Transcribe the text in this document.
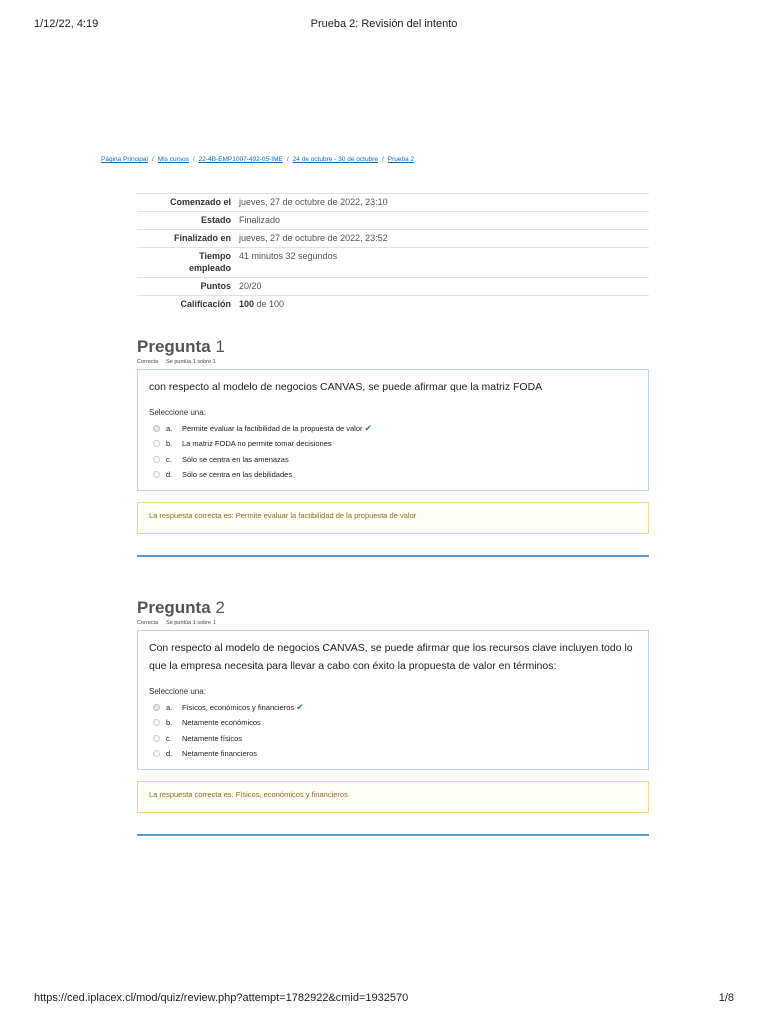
1/12/22, 4:19	Prueba 2: Revisión del intento
Página Principal / Mis cursos / 22-4B-EMP1007-492-05-IME / 24 de octubre - 30 de octubre / Prueba 2
Comenzado el	jueves, 27 de octubre de 2022, 23:10
Estado	Finalizado
Finalizado en	jueves, 27 de octubre de 2022, 23:52
Tiempo empleado	41 minutos 32 segundos
Puntos	20/20
Calificación	100 de 100
Pregunta 1
Correcta Se puntúa 1 sobre 1

con respecto al modelo de negocios CANVAS, se puede afirmar que la matriz FODA

Seleccione una:
a.	Permite evaluar la factibilidad de la propuesta de valor ✔
b.	La matriz FODA no permite tomar decisiones
c.	Sólo se centra en las amenazas
d.	Sólo se centra en las debilidades
La respuesta correcta es: Permite evaluar la factibilidad de la propuesta de valor
Pregunta 2
Correcta Se puntúa 1 sobre 1

Con respecto al modelo de negocios CANVAS, se puede afirmar que los recursos clave incluyen todo lo que la empresa necesita para llevar a cabo con éxito la propuesta de valor en términos:

Seleccione una:
a.	Físicos, económicos y financieros ✔
b.	Netamente económicos
c.	Netamente físicos
d.	Netamente financieros
La respuesta correcta es: Físicos, económicos y financieros
https://ced.iplacex.cl/mod/quiz/review.php?attempt=1782922&cmid=1932570	1/8
